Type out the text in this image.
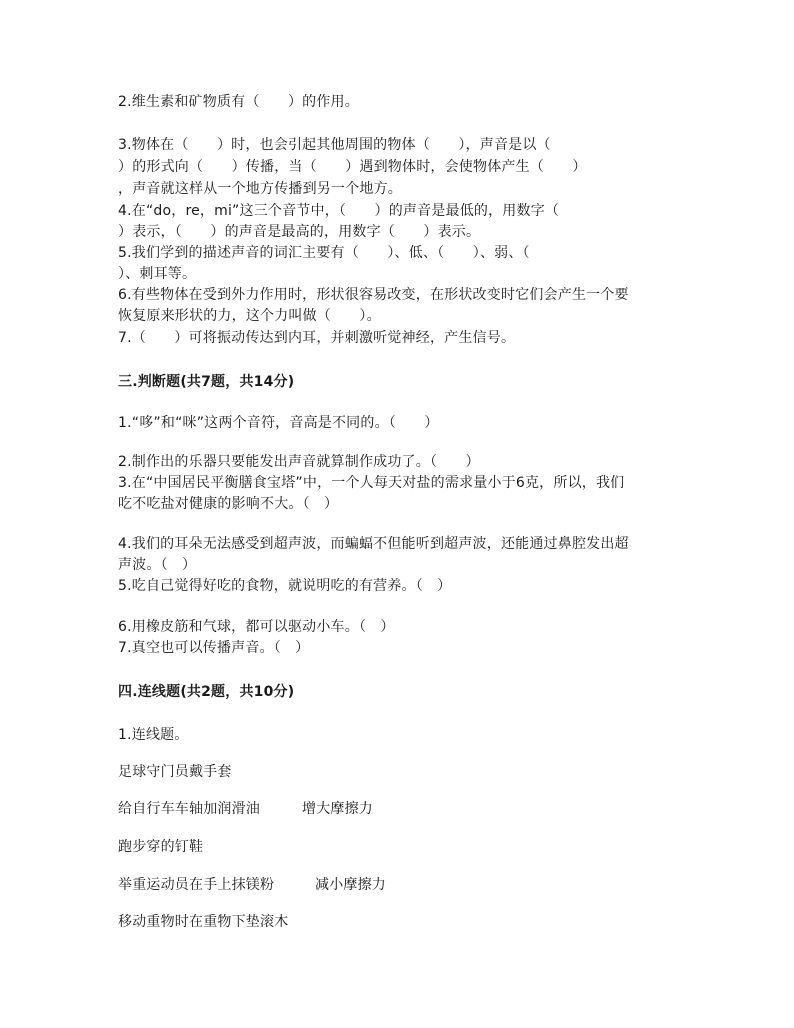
2.维生素和矿物质有（　　）的作用。
3.物体在（　　）时，也会引起其他周围的物体（　　），声音是以（
）的形式向（　　）传播，当（　　）遇到物体时，会使物体产生（　　）
，声音就这样从一个地方传播到另一个地方。
4.在“do，re，mi”这三个音节中，（　　）的声音是最低的，用数字（
）表示，（　　）的声音是最高的，用数字（　　）表示。
5.我们学到的描述声音的词汇主要有（　　）、低、（　　）、弱、（
）、刺耳等。
6.有些物体在受到外力作用时，形状很容易改变，在形状改变时它们会产生一个要
恢复原来形状的力，这个力叫做（　　）。
7.（　　）可将振动传达到内耳，并刺激听觉神经，产生信号。
三.判断题(共7题，共14分)
1.“哆”和“咪”这两个音符，音高是不同的。（　　）
2.制作出的乐器只要能发出声音就算制作成功了。（　　）
3.在“中国居民平衡膳食宝塔”中，一个人每天对盐的需求量小于6克，所以，我们
吃不吃盐对健康的影响不大。（　）
4.我们的耳朵无法感受到超声波，而蝙蝠不但能听到超声波，还能通过鼻腔发出超
声波。（　）
5.吃自己觉得好吃的食物，就说明吃的有营养。（　）
6.用橡皮筋和气球，都可以驱动小车。（　）
7.真空也可以传播声音。（　）
四.连线题(共2题，共10分)
1.连线题。
足球守门员戴手套
给自行车车轴加润滑油	增大摩擦力
跑步穿的钉鞋
举重运动员在手上抹镁粉	减小摩擦力
移动重物时在重物下垫滚木
